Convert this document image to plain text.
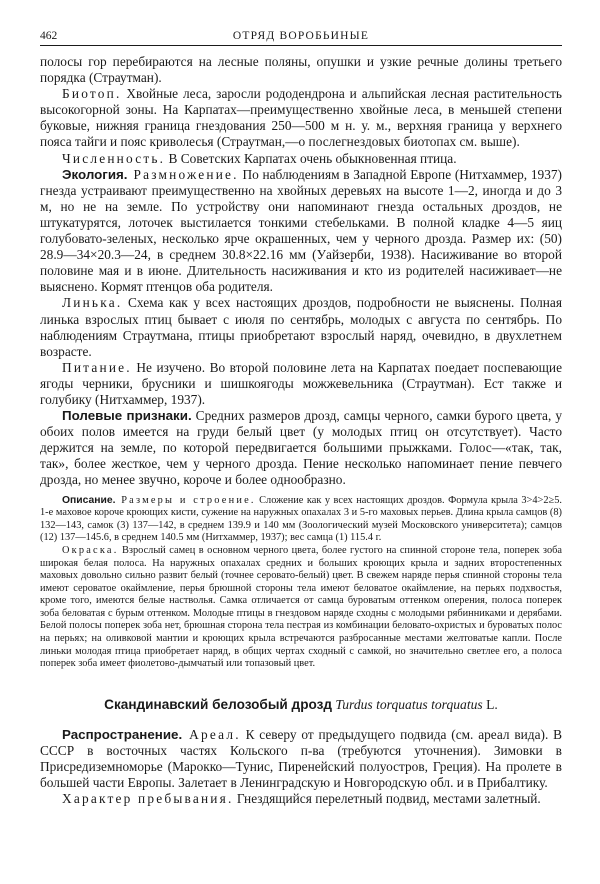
462	ОТРЯД ВОРОБЬИНЫЕ

полосы гор перебираются на лесные поляны, опушки и узкие речные долины третьего порядка (Страутман).

Биотоп. Хвойные леса, заросли рододендрона и альпийская лесная растительность высокогорной зоны. На Карпатах—преимущественно хвойные леса, в меньшей степени буковые, нижняя граница гнездования 250—500 м н. у. м., верхняя граница у верхнего пояса тайги и пояс криволесья (Страутман,—о послегнездовых биотопах см. выше).

Численность. В Советских Карпатах очень обыкновенная птица.

Экология. Размножение. По наблюдениям в Западной Европе (Нитхаммер, 1937) гнезда устраивают преимущественно на хвойных деревьях на высоте 1—2, иногда и до 3 м, но не на земле. По устройству они напоминают гнезда остальных дроздов, не штукатурятся, лоточек выстилается тонкими стебельками. В полной кладке 4—5 яиц голубовато-зеленых, несколько ярче окрашенных, чем у черного дрозда. Размер их: (50) 28.9—34×20.3—24, в среднем 30.8×22.16 мм (Уайзерби, 1938). Насиживание во второй половине мая и в июне. Длительность насиживания и кто из родителей насиживает—не выяснено. Кормят птенцов оба родителя.

Линька. Схема как у всех настоящих дроздов, подробности не выяснены. Полная линька взрослых птиц бывает с июля по сентябрь, молодых с августа по сентябрь. По наблюдениям Страутмана, птицы приобретают взрослый наряд, очевидно, в двухлетнем возрасте.

Питание. Не изучено. Во второй половине лета на Карпатах поедает поспевающие ягоды черники, брусники и шишкоягоды можжевельника (Страутман). Ест также и голубику (Нитхаммер, 1937).

Полевые признаки. Средних размеров дрозд, самцы черного, самки бурого цвета, у обоих полов имеется на груди белый цвет (у молодых птиц он отсутствует). Часто держится на земле, по которой передвигается большими прыжками. Голос—«так, так, так», более жесткое, чем у черного дрозда. Пение несколько напоминает пение певчего дрозда, но менее звучно, короче и более однообразно.

Описание. Размеры и строение. Сложение как у всех настоящих дроздов. Формула крыла 3>4>2≥5. 1-е маховое короче кроющих кисти, сужение на наружных опахалах 3 и 5-го маховых перьев. Длина крыла самцов (8) 132—143, самок (3) 137—142, в среднем 139.9 и 140 мм (Зоологический музей Московского университета); самцов (12) 137—145.6, в среднем 140.5 мм (Нитхаммер, 1937); вес самца (1) 115.4 г.

Окраска. Взрослый самец в основном черного цвета, более густого на спинной стороне тела, поперек зоба широкая белая полоса. На наружных опахалах средних и больших кроющих крыла и задних второстепенных маховых довольно сильно развит белый (точнее серовато-белый) цвет. В свежем наряде перья спинной стороны тела имеют сероватое окаймление, перья брюшной стороны тела имеют беловатое окаймление, на перьях подхвостья, кроме того, имеются белые настволья. Самка отличается от самца буроватым оттенком оперения, полоса поперек зоба беловатая с бурым оттенком. Молодые птицы в гнездовом наряде сходны с молодыми рябинниками и дерябами. Белой полосы поперек зоба нет, брюшная сторона тела пестрая из комбинации беловато-охристых и буроватых полос на перьях; на оливковой мантии и кроющих крыла встречаются разбросанные местами желтоватые капли. После линьки молодая птица приобретает наряд, в общих чертах сходный с самкой, но значительно светлее его, а полоса поперек зоба имеет фиолетово-дымчатый или топазовый цвет.

Скандинавский белозобый дрозд Turdus torquatus torquatus L.

Распространение. Ареал. К северу от предыдущего подвида (см. ареал вида). В СССР в восточных частях Кольского п-ва (требуются уточнения). Зимовки в Присредиземноморье (Марокко—Тунис, Пиренейский полуостров, Греция). На пролете в большей части Европы. Залетает в Ленинградскую и Новгородскую обл. и в Прибалтику.

Характер пребывания. Гнездящийся перелетный подвид, местами залетный.
